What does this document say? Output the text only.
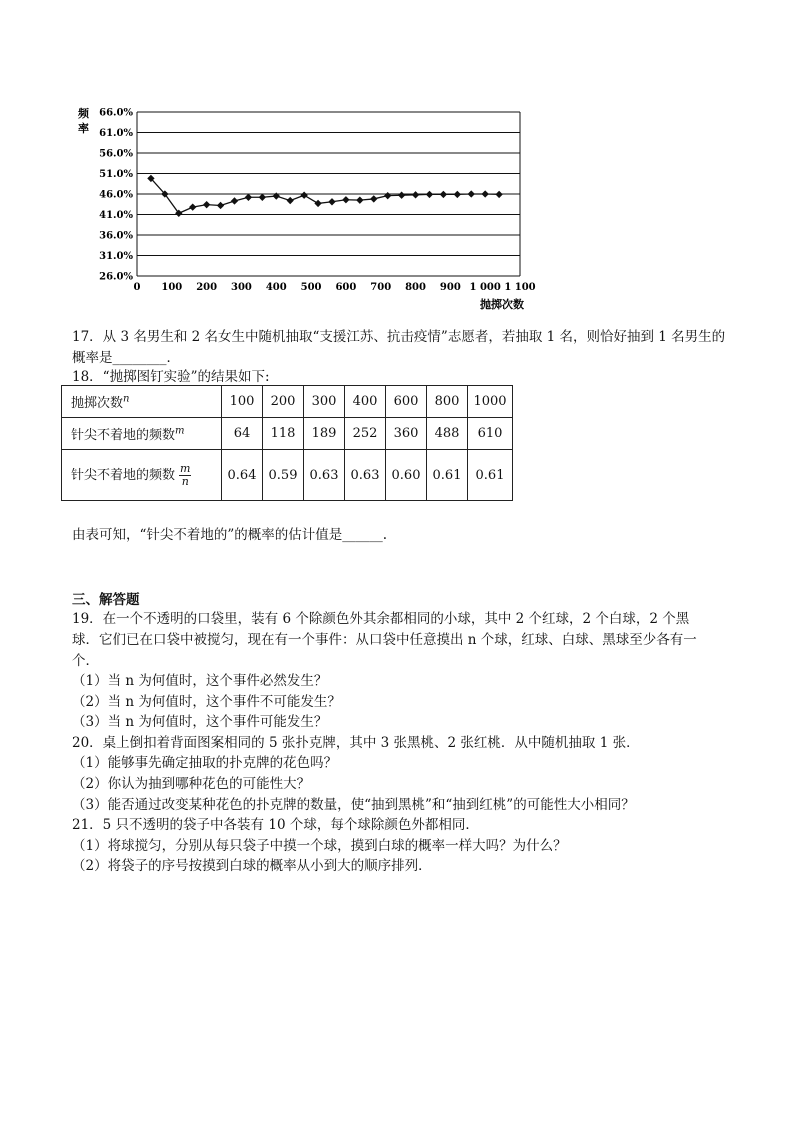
频
率
抛掷次数
66.0%
61.0%
56.0%
51.0%
46.0%
41.0%
36.0%
31.0%
26.0%
0 100 200 300 400 500 600 700 800 900 1 000 1 100
17．从 3 名男生和 2 名女生中随机抽取“支援江苏、抗击疫情”志愿者，若抽取 1 名，则恰好抽到 1 名男生的
概率是________．
18．“抛掷图钉实验”的结果如下:
抛掷次数$^n$	100	200	300	400	600	800	1000
针尖不着地的频数$^m$	64	118	189	252	360	488	610
针尖不着地的频数 $\frac{m}{n}$	0.64	0.59	0.63	0.63	0.60	0.61	0.61
由表可知，“针尖不着地的”的概率的估计值是______.
三、解答题
19．在一个不透明的口袋里，装有 6 个除颜色外其余都相同的小球，其中 2 个红球，2 个白球，2 个黑
球．它们已在口袋中被搅匀，现在有一个事件：从口袋中任意摸出 n 个球，红球、白球、黑球至少各有一
个．
（1）当 n 为何值时，这个事件必然发生？
（2）当 n 为何值时，这个事件不可能发生？
（3）当 n 为何值时，这个事件可能发生？
20．桌上倒扣着背面图案相同的 5 张扑克牌，其中 3 张黑桃、2 张红桃．从中随机抽取 1 张．
（1）能够事先确定抽取的扑克牌的花色吗？
（2）你认为抽到哪种花色的可能性大？
（3）能否通过改变某种花色的扑克牌的数量，使“抽到黑桃”和“抽到红桃”的可能性大小相同？
21．5 只不透明的袋子中各装有 10 个球，每个球除颜色外都相同．
（1）将球搅匀，分别从每只袋子中摸一个球，摸到白球的概率一样大吗？为什么？
（2）将袋子的序号按摸到白球的概率从小到大的顺序排列．
